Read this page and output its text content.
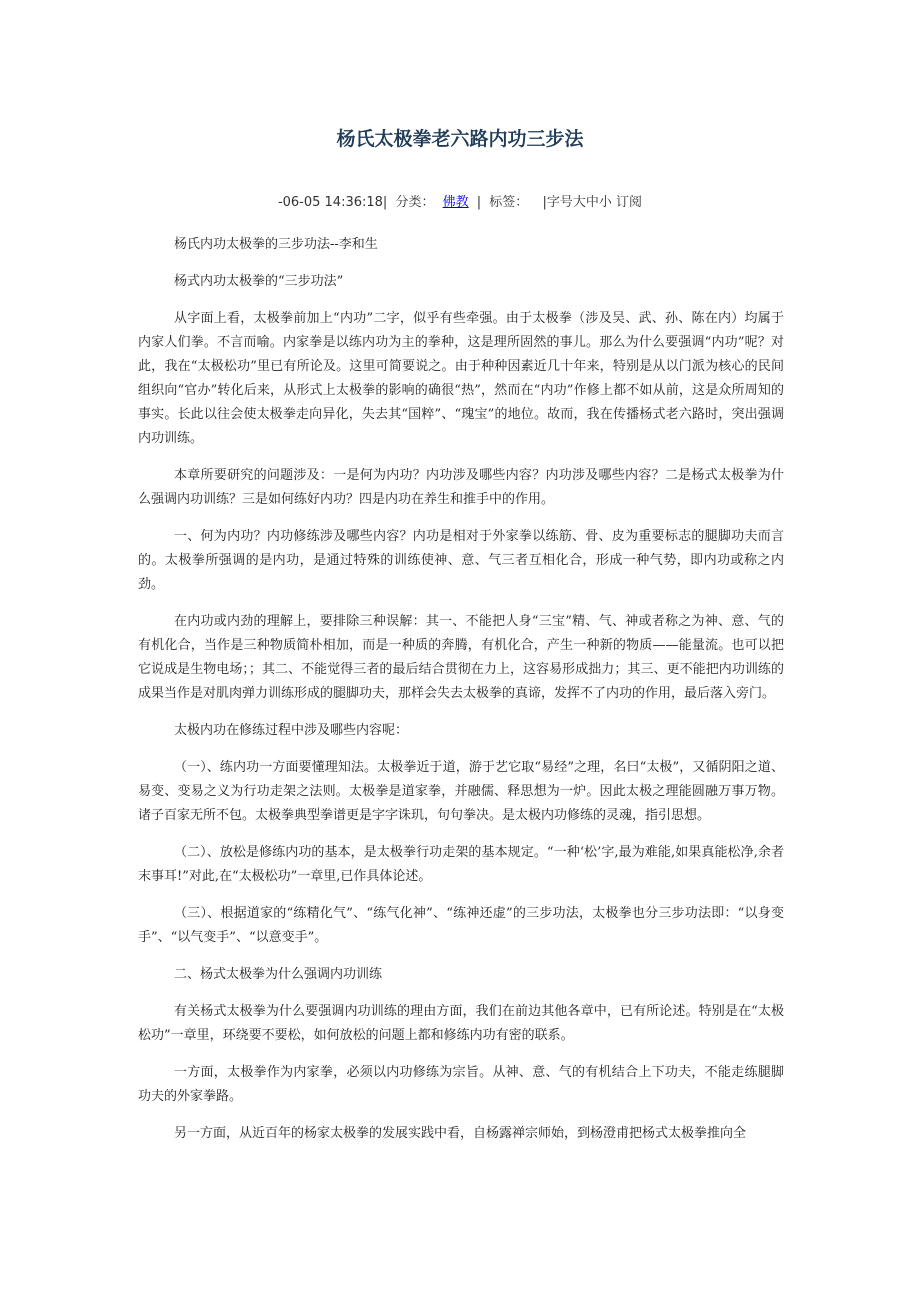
杨氏太极拳老六路内功三步法
-06-05 14:36:18| 分类： 佛教 | 标签： |字号大中小 订阅

杨氏内功太极拳的三步功法--李和生

杨式内功太极拳的“三步功法”

从字面上看，太极拳前加上“内功”二字，似乎有些牵强。由于太极拳（涉及吴、武、孙、陈在内）均属于内家人们拳。不言而喻。内家拳是以练内功为主的拳种，这是理所固然的事儿。那么为什么要强调“内功”呢？对此，我在“太极松功”里已有所论及。这里可简要说之。由于种种因素近几十年来，特别是从以门派为核心的民间组织向“官办”转化后来，从形式上太极拳的影响的确很“热”，然而在“内功”作修上都不如从前，这是众所周知的事实。长此以往会使太极拳走向异化，失去其“国粹”、“瑰宝”的地位。故而，我在传播杨式老六路时，突出强调内功训练。

本章所要研究的问题涉及：一是何为内功？内功涉及哪些内容？内功涉及哪些内容？二是杨式太极拳为什么强调内功训练？三是如何练好内功？四是内功在养生和推手中的作用。

一、何为内功？内功修练涉及哪些内容？内功是相对于外家拳以练筋、骨、皮为重要标志的腿脚功夫而言的。太极拳所强调的是内功，是通过特殊的训练使神、意、气三者互相化合，形成一种气势，即内功或称之内劲。

在内功或内劲的理解上，要排除三种误解：其一、不能把人身“三宝”精、气、神或者称之为神、意、气的有机化合，当作是三种物质简朴相加，而是一种质的奔腾，有机化合，产生一种新的物质——能量流。也可以把它说成是生物电场；；其二、不能觉得三者的最后结合贯彻在力上，这容易形成拙力；其三、更不能把内功训练的成果当作是对肌肉弹力训练形成的腿脚功夫，那样会失去太极拳的真谛，发挥不了内功的作用，最后落入旁门。

太极内功在修练过程中涉及哪些内容呢：

（一）、练内功一方面要懂理知法。太极拳近于道，游于艺它取“易经”之理，名曰“太极”，又循阴阳之道、易变、变易之义为行功走架之法则。太极拳是道家拳，并融儒、释思想为一炉。因此太极之理能圆融万事万物。诸子百家无所不包。太极拳典型拳谱更是字字诛玑，句句拳决。是太极内功修练的灵魂，指引思想。

（二）、放松是修练内功的基本，是太极拳行功走架的基本规定。“一种‘松’字,最为难能,如果真能松净,余者末事耳!”对此,在“太极松功”一章里,已作具体论述。

（三）、根据道家的“练精化气”、“练气化神”、“练神还虚”的三步功法，太极拳也分三步功法即：“以身变手”、“以气变手”、“以意变手”。

二、杨式太极拳为什么强调内功训练

有关杨式太极拳为什么要强调内功训练的理由方面，我们在前边其他各章中，已有所论述。特别是在“太极松功”一章里，环绕要不要松，如何放松的问题上都和修练内功有密的联系。

一方面，太极拳作为内家拳，必须以内功修练为宗旨。从神、意、气的有机结合上下功夫，不能走练腿脚功夫的外家拳路。

另一方面，从近百年的杨家太极拳的发展实践中看，自杨露禅宗师始，到杨澄甫把杨式太极拳推向全
